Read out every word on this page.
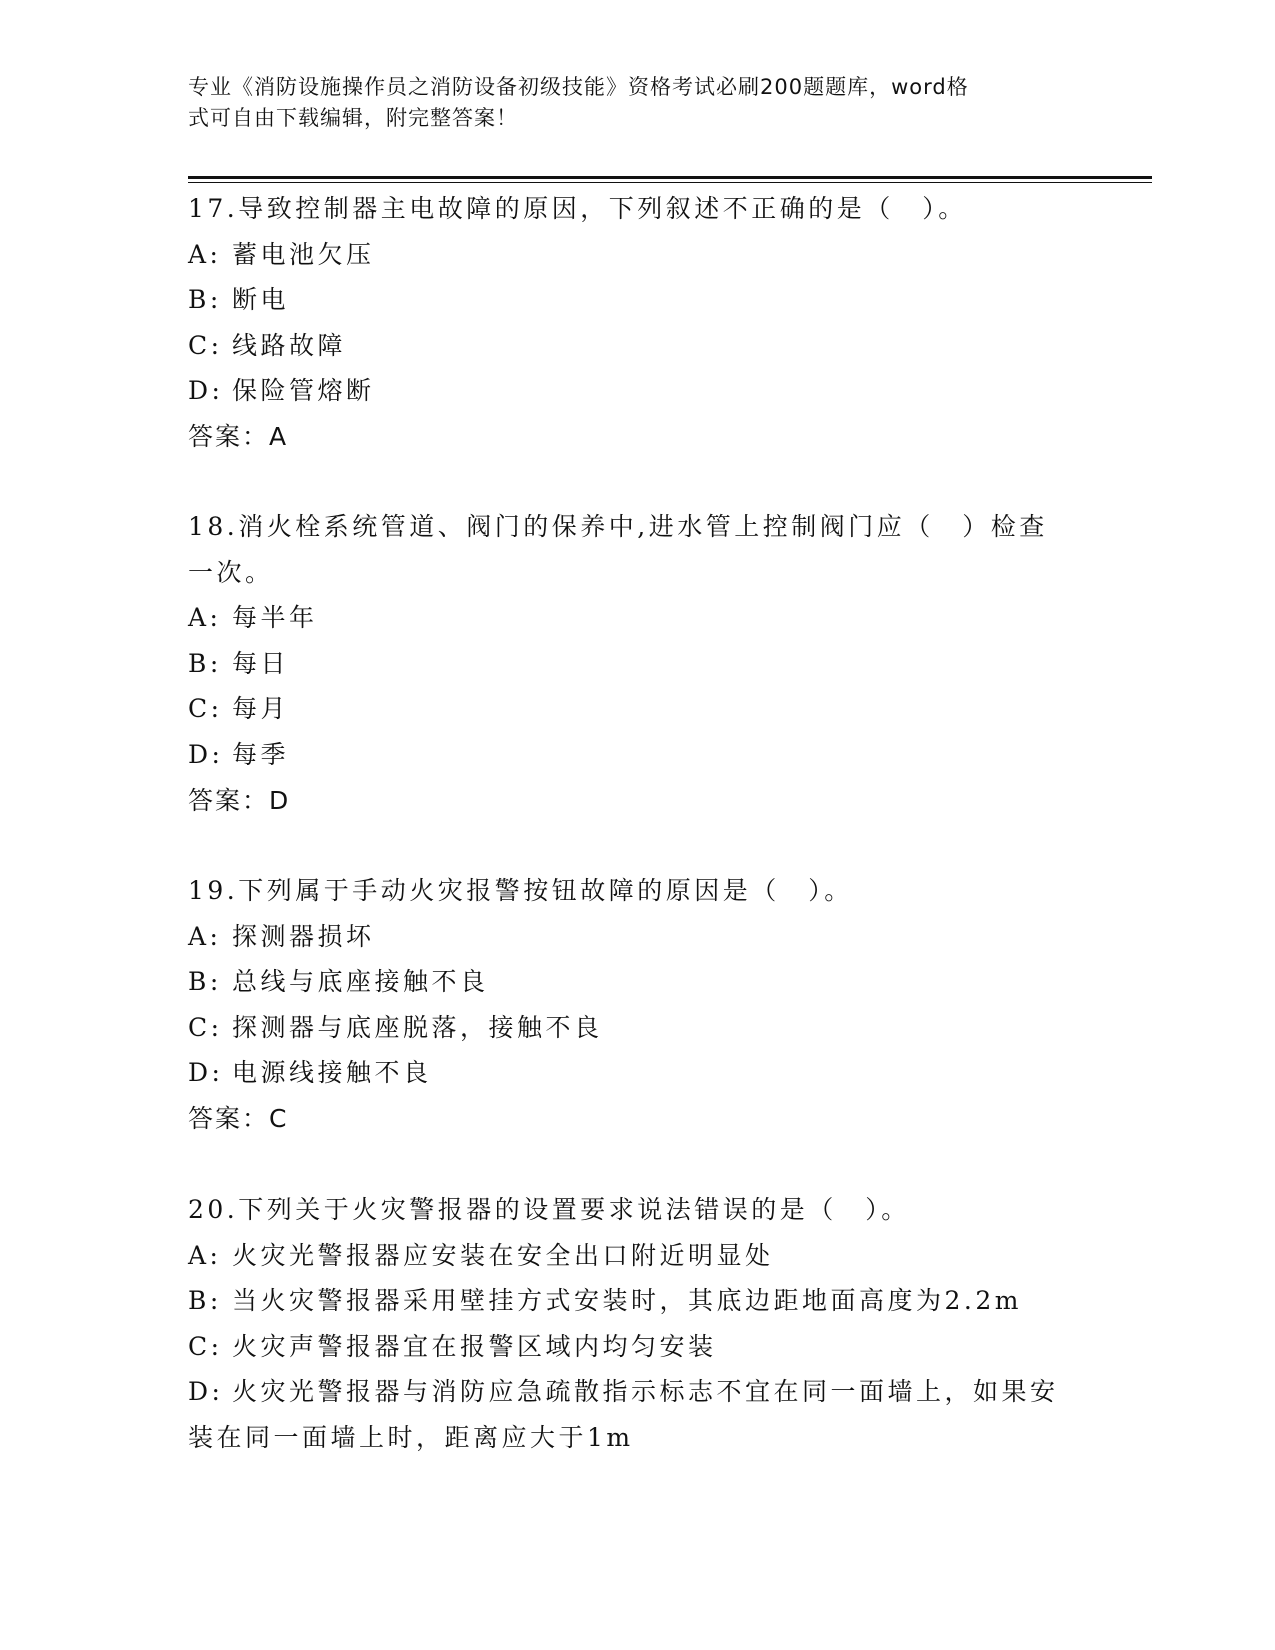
专业《消防设施操作员之消防设备初级技能》资格考试必刷200题题库，word格
式可自由下载编辑，附完整答案！
17.导致控制器主电故障的原因，下列叙述不正确的是（　）。
A: 蓄电池欠压
B: 断电
C: 线路故障
D: 保险管熔断
答案：A
18.消火栓系统管道、阀门的保养中,进水管上控制阀门应（　）检查
一次。
A: 每半年
B: 每日
C: 每月
D: 每季
答案：D
19.下列属于手动火灾报警按钮故障的原因是（　）。
A: 探测器损坏
B: 总线与底座接触不良
C: 探测器与底座脱落，接触不良
D: 电源线接触不良
答案：C
20.下列关于火灾警报器的设置要求说法错误的是（　）。
A: 火灾光警报器应安装在安全出口附近明显处
B: 当火灾警报器采用壁挂方式安装时，其底边距地面高度为2.2m
C: 火灾声警报器宜在报警区域内均匀安装
D: 火灾光警报器与消防应急疏散指示标志不宜在同一面墙上，如果安
装在同一面墙上时，距离应大于1m
